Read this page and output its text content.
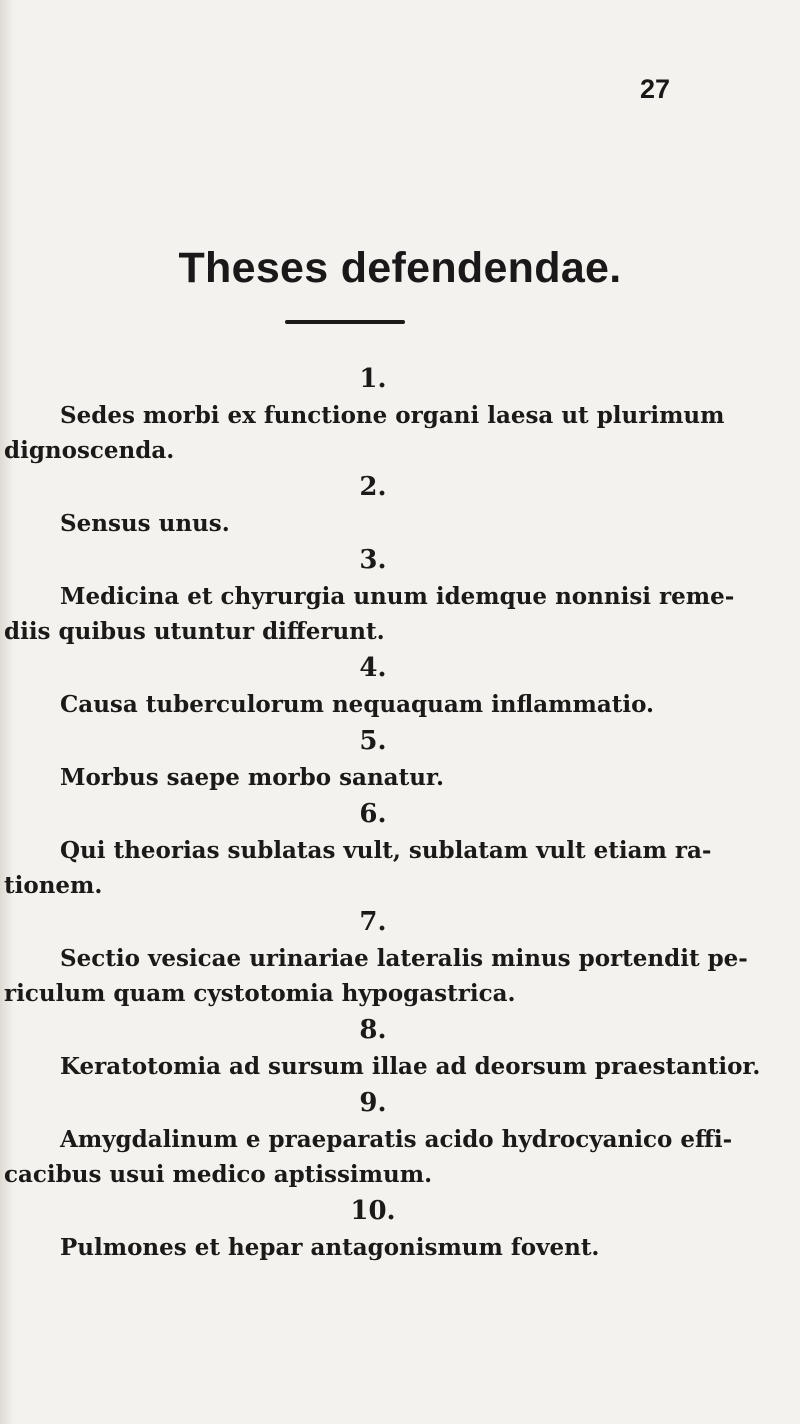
27
Theses defendendae.
1.

Sedes morbi ex functione organi laesa ut plurimum
dignoscenda.

2.

Sensus unus.

3.

Medicina et chyrurgia unum idemque nonnisi reme-
diis quibus utuntur differunt.

4.

Causa tuberculorum nequaquam inflammatio.

5.

Morbus saepe morbo sanatur.

6.

Qui theorias sublatas vult, sublatam vult etiam ra-
tionem.

7.

Sectio vesicae urinariae lateralis minus portendit pe-
riculum quam cystotomia hypogastrica.

8.

Keratotomia ad sursum illae ad deorsum praestantior.

9.

Amygdalinum e praeparatis acido hydrocyanico effi-
cacibus usui medico aptissimum.

10.

Pulmones et hepar antagonismum fovent.
